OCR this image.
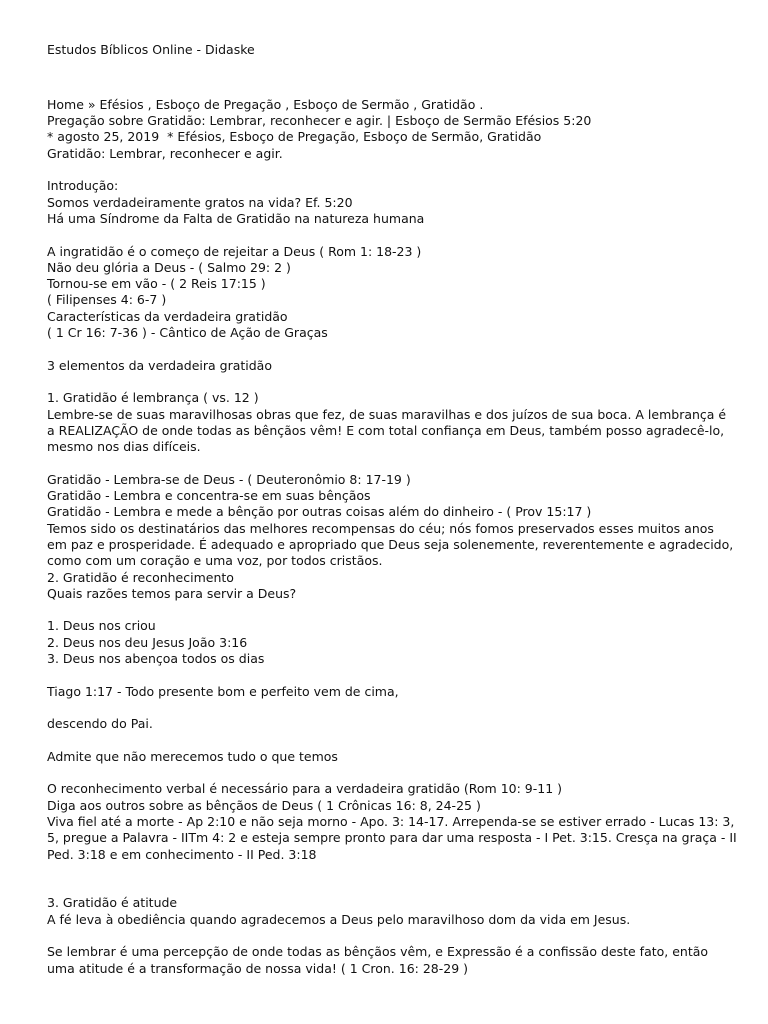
Estudos Bíblicos Online - Didaske

Home » Efésios , Esboço de Pregação , Esboço de Sermão , Gratidão .

Pregação sobre Gratidão: Lembrar, reconhecer e agir. | Esboço de Sermão Efésios 5:20

* agosto 25, 2019  * Efésios, Esboço de Pregação, Esboço de Sermão, Gratidão

Gratidão: Lembrar, reconhecer e agir.

Introdução:

Somos verdadeiramente gratos na vida? Ef. 5:20

Há uma Síndrome da Falta de Gratidão na natureza humana

A ingratidão é o começo de rejeitar a Deus ( Rom 1: 18-23 )

Não deu glória a Deus - ( Salmo 29: 2 )

Tornou-se em vão - ( 2 Reis 17:15 )

( Filipenses 4: 6-7 )

Características da verdadeira gratidão

( 1 Cr 16: 7-36 ) - Cântico de Ação de Graças

3 elementos da verdadeira gratidão

1. Gratidão é lembrança ( vs. 12 )

Lembre-se de suas maravilhosas obras que fez, de suas maravilhas e dos juízos de sua boca. A lembrança é a REALIZAÇÃO de onde todas as bênçãos vêm! E com total confiança em Deus, também posso agradecê-lo, mesmo nos dias difíceis.

Gratidão - Lembra-se de Deus - ( Deuteronômio 8: 17-19 )

Gratidão - Lembra e concentra-se em suas bênçãos

Gratidão - Lembra e mede a bênção por outras coisas além do dinheiro - ( Prov 15:17 )

Temos sido os destinatários das melhores recompensas do céu; nós fomos preservados esses muitos anos em paz e prosperidade. É adequado e apropriado que Deus seja solenemente, reverentemente e agradecido, como com um coração e uma voz, por todos cristãos.

2. Gratidão é reconhecimento

Quais razões temos para servir a Deus?

1. Deus nos criou

2. Deus nos deu Jesus João 3:16

3. Deus nos abençoa todos os dias

Tiago 1:17 - Todo presente bom e perfeito vem de cima,

descendo do Pai.

Admite que não merecemos tudo o que temos

O reconhecimento verbal é necessário para a verdadeira gratidão (Rom 10: 9-11 )

Diga aos outros sobre as bênçãos de Deus ( 1 Crônicas 16: 8, 24-25 )

Viva fiel até a morte - Ap 2:10 e não seja morno - Apo. 3: 14-17. Arrependa-se se estiver errado - Lucas 13: 3, 5, pregue a Palavra - IITm 4: 2 e esteja sempre pronto para dar uma resposta - I Pet. 3:15. Cresça na graça - II Ped. 3:18 e em conhecimento - II Ped. 3:18

3. Gratidão é atitude

A fé leva à obediência quando agradecemos a Deus pelo maravilhoso dom da vida em Jesus.

Se lembrar é uma percepção de onde todas as bênçãos vêm, e Expressão é a confissão deste fato, então uma atitude é a transformação de nossa vida! ( 1 Cron. 16: 28-29 )
